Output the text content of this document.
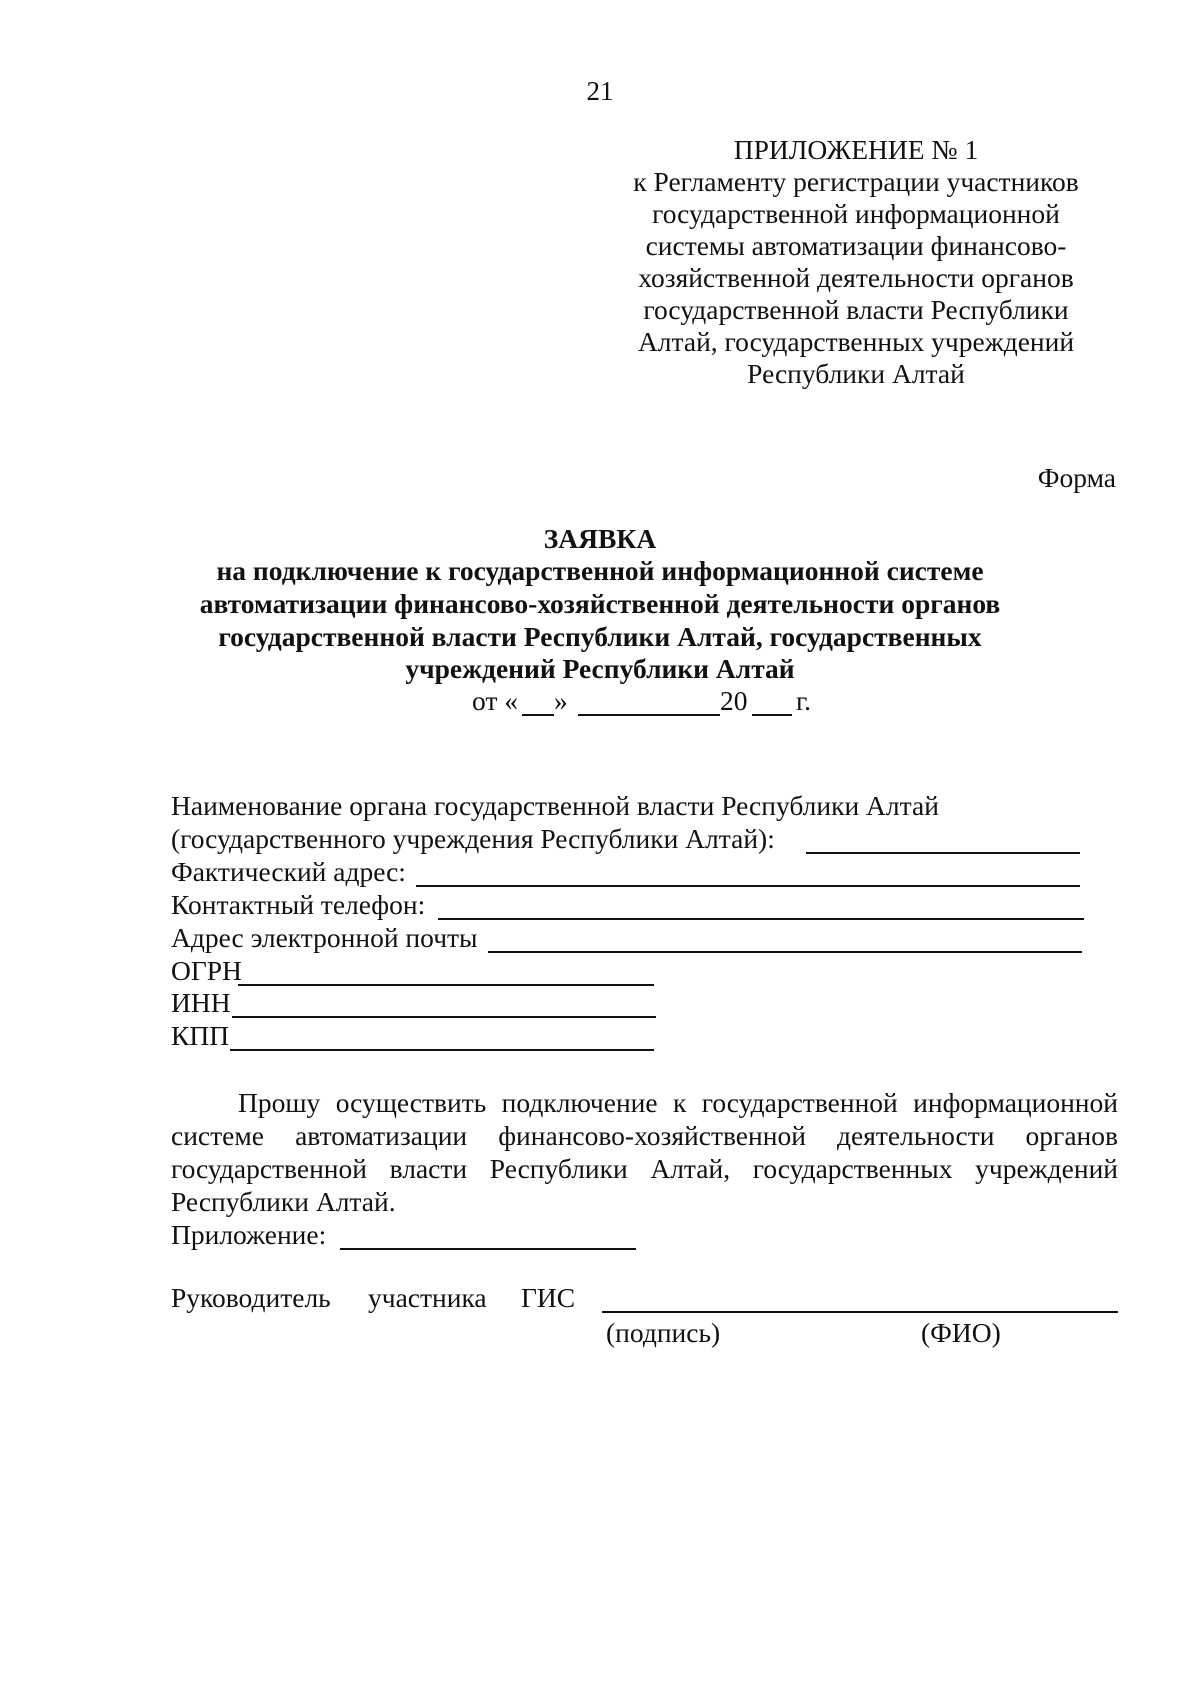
21
ПРИЛОЖЕНИЕ № 1
к Регламенту регистрации участников
государственной информационной
системы автоматизации финансово-
хозяйственной деятельности органов
государственной власти Республики
Алтай, государственных учреждений
Республики Алтай
Форма
ЗАЯВКА
на подключение к государственной информационной системе
автоматизации финансово-хозяйственной деятельности органов
государственной власти Республики Алтай, государственных
учреждений Республики Алтай
от « »	20 г.
Наименование органа государственной власти Республики Алтай
(государственного учреждения Республики Алтай):
Фактический адрес:
Контактный телефон:
Адрес электронной почты
ОГРН
ИНН
КПП
Прошу осуществить подключение к государственной информационной
системе автоматизации финансово-хозяйственной деятельности органов
государственной власти Республики Алтай, государственных учреждений
Республики Алтай.
Приложение:
Руководитель участника ГИС
(подпись)	(ФИО)
